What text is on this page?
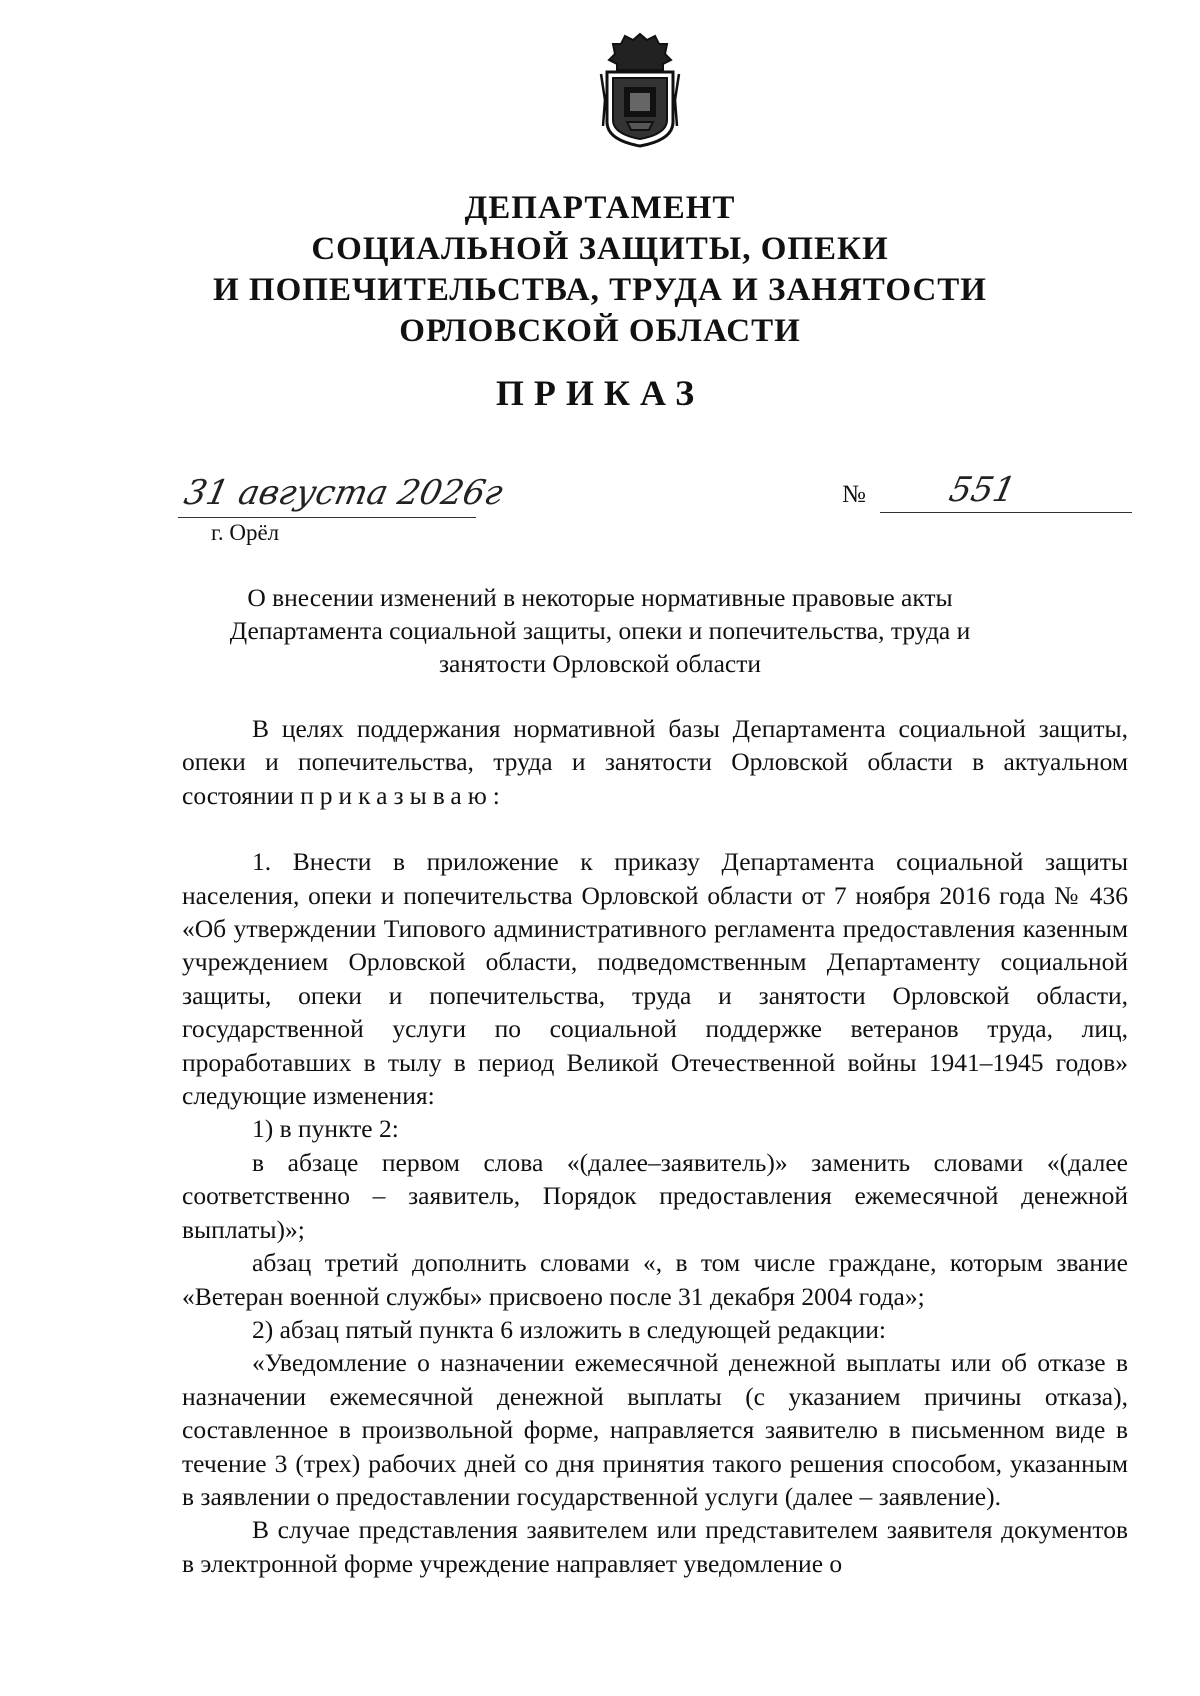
ДЕПАРТАМЕНТ
СОЦИАЛЬНОЙ ЗАЩИТЫ, ОПЕКИ
И ПОПЕЧИТЕЛЬСТВА, ТРУДА И ЗАНЯТОСТИ
ОРЛОВСКОЙ ОБЛАСТИ
ПРИКАЗ
31 августа 2026г
г. Орёл
№ 551
О внесении изменений в некоторые нормативные правовые акты
Департамента социальной защиты, опеки и попечительства, труда и
занятости Орловской области

В целях поддержания нормативной базы Департамента социальной защиты, опеки и попечительства, труда и занятости Орловской области в актуальном состоянии приказываю:

1. Внести в приложение к приказу Департамента социальной защиты населения, опеки и попечительства Орловской области от 7 ноября 2016 года № 436 «Об утверждении Типового административного регламента предоставления казенным учреждением Орловской области, подведомственным Департаменту социальной защиты, опеки и попечительства, труда и занятости Орловской области, государственной услуги по социальной поддержке ветеранов труда, лиц, проработавших в тылу в период Великой Отечественной войны 1941–1945 годов» следующие изменения:

1) в пункте 2:

в абзаце первом слова «(далее–заявитель)» заменить словами «(далее соответственно – заявитель, Порядок предоставления ежемесячной денежной выплаты)»;

абзац третий дополнить словами «, в том числе граждане, которым звание «Ветеран военной службы» присвоено после 31 декабря 2004 года»;

2) абзац пятый пункта 6 изложить в следующей редакции:

«Уведомление о назначении ежемесячной денежной выплаты или об отказе в назначении ежемесячной денежной выплаты (с указанием причины отказа), составленное в произвольной форме, направляется заявителю в письменном виде в течение 3 (трех) рабочих дней со дня принятия такого решения способом, указанным в заявлении о предоставлении государственной услуги (далее – заявление).

В случае представления заявителем или представителем заявителя документов в электронной форме учреждение направляет уведомление о
